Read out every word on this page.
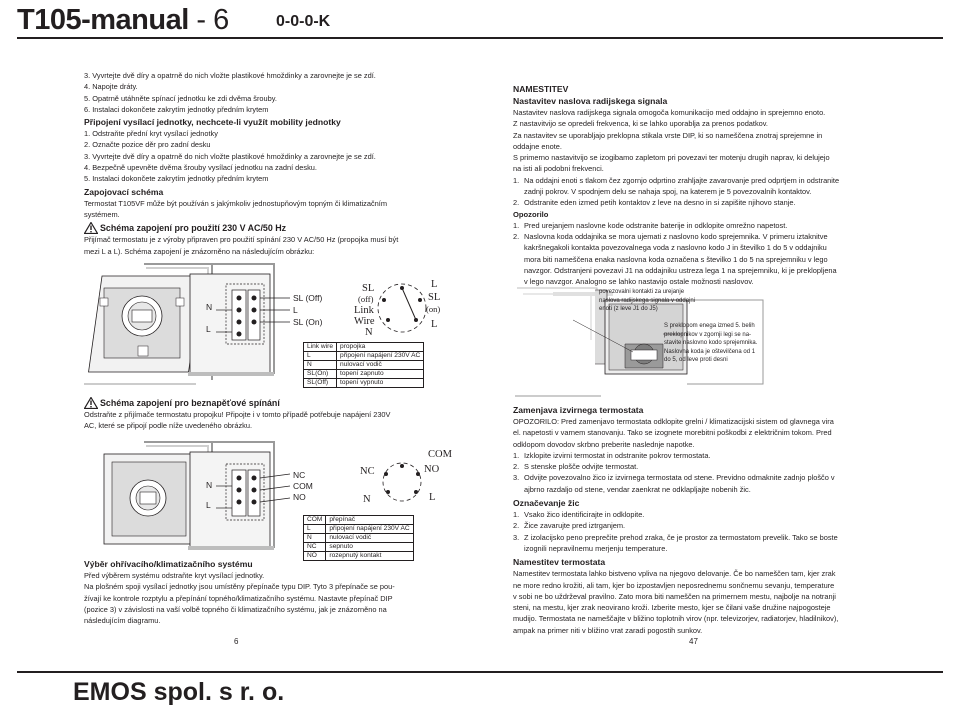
T105-manual - 6	0-0-0-K
EMOS spol. s r. o.
6	47

3. Vyvrtejte dvě díry a opatrně do nich vložte plastikové hmoždinky a zarovnejte je se zdí.

4. Napojte dráty.

5. Opatrně utáhněte spínací jednotku ke zdi dvěma šrouby.

6. Instalaci dokončete zakrytím jednotky předním krytem

Připojení vysílací jednotky, nechcete-li využít mobility jednotky

1. Odstraňte přední kryt vysílací jednotky

2. Označte pozice děr pro zadní desku

3. Vyvrtejte dvě díry a opatrně do nich vložte plastikové hmoždinky a zarovnejte je se zdí.

4. Bezpečně upevněte dvěma šrouby vysílací jednotku na zadní desku.

5. Instalaci dokončete zakrytím jednotky předním krytem

Zapojovací schéma

Termostat T105VF může být používán s jakýmkoliv jednostupňovým topným či klimatizačním

systémem.

Schéma zapojení pro použití 230 V AC/50 Hz

Přijímač termostatu je z výroby připraven pro použití spínání 230 V AC/50 Hz (propojka musí být

mezi L a L). Schéma zapojení je znázorněno na následujícím obrázku:

N
L
SL (Off)
L
SL (On)
SL
(off)
Link
Wire
N
L
SL
(on)
L
Link wire	propojka
L	připojení napájení 230V AC
N	nulovací vodič
SL(On)	topení zapnuto
SL(Off)	topení vypnuto
Schéma zapojení pro beznapěťové spínání

Odstraňte z přijímače termostatu propojku! Připojte i v tomto případě potřebuje napájení 230V

AC, které se připojí podle níže uvedeného obrázku.

N
L
NC
COM
NO
NC	NO
COM
N	L
COM	přepínač
L	připojení napájení 230V AC
N	nulovací vodič
NC	sepnuto
NO	rozepnutý kontakt

Výběr ohřívacího/klimatizačního systému

Před výběrem systému odstraňte kryt vysílací jednotky.

Na plošném spoji vysílací jednotky jsou umístěny přepínače typu DIP. Tyto 3 přepínače se pou-

žívají ke kontrole rozptylu a přepínání topného/klimatizačního systému. Nastavte přepínač DIP

(pozice 3) v závislosti na vaší volbě topného či klimatizačního systému, jak je znázorněno na

následujícím diagramu.

NAMESTITEV

Nastavitev naslova radijskega signala

Nastavitev naslova radijskega signala omogoča komunikacijo med oddajno in sprejemno enoto.

Z nastavitvijo se opredeli frekvenca, ki se lahko uporablja za prenos podatkov.

Za nastavitev se uporabljajo preklopna stikala vrste DIP, ki so nameščena znotraj sprejemne in

oddajne enote.

S primerno nastavitvijo se izogibamo zapletom pri povezavi ter motenju drugih naprav, ki delujejo

na isti ali podobni frekvenci.

1. Na oddajni enoti s tlakom čez zgornjo odprtino zrahljajte zavarovanje pred odprtjem in odstranite

zadnji pokrov. V spodnjem delu se nahaja spoj, na katerem je 5 povezovalnih kontaktov.

2. Odstranite eden izmed petih kontaktov z leve na desno in si zapišite njihovo stanje.

Opozorilo

1. Pred urejanjem naslovne kode odstranite baterije in odklopite omrežno napetost.

2. Naslovna koda oddajnika se mora ujemati z naslovno kodo sprejemnika. V primeru iztaknitve

kakršnegakoli kontakta povezovalnega voda z naslovno kodo J in številko 1 do 5 v oddajniku

mora biti nameščena enaka naslovna koda označena s številko 1 do 5 na sprejemniku v lego

navzgor. Odstranjeni povezavi J1 na oddajniku ustreza lega 1 na sprejemniku, ki je preklopljena

v lego navzgor. Analogno se lahko nastavijo ostale možnosti naslovov.

povezovalni kontakti za urejanje
naslova radijskega signala v oddajni
enoti (z leve J1 do J5)
S preklopom enega izmed 5. belih
preklopnikov v zgornji legi se na-
stavite naslovno kodo sprejemnika.
Naslovna koda je oštevilčena od 1
do 5, od leve proti desni

Zamenjava izvirnega termostata

OPOZORILO: Pred zamenjavo termostata odklopite grelni / klimatizacijski sistem od glavnega vira

el. napetosti v varnem stanovanju. Tako se izognete morebitni poškodbi z električnim tokom. Pred

odklopom dovodov skrbno preberite naslednje napotke.

1. Izklopite izvirni termostat in odstranite pokrov termostata.

2. S stenske plošče odvijte termostat.

3. Odvijte povezovalno žico iz izvirnega termostata od stene. Previdno odmaknite zadnjo ploščo v

ajbrno razdaljo od stene, vendar zaenkrat ne odklapljajte nobenih žic.

Označevanje žic

1. Vsako žico identificirajte in odklopite.

2. Žice zavarujte pred iztrganjem.

3. Z izolacijsko peno preprečite prehod zraka, če je prostor za termostatom prevelik. Tako se boste

izognili nepravilnemu merjenju temperature.

Namestitev termostata

Namestitev termostata lahko bistveno vpliva na njegovo delovanje. Če bo nameščen tam, kjer zrak

ne more redno krožiti, ali tam, kjer bo izpostavljen neposrednemu sončnemu sevanju, temperature

v sobi ne bo uždrževal pravilno. Zato mora biti nameščen na primernem mestu, najbolje na notranji

steni, na mestu, kjer zrak neovirano kroži. Izberite mesto, kjer se čilani vaše družine najpogosteje

mudijo. Termostata ne nameščajte v bližino toplotnih virov (npr. televizorjev, radiatorjev, hladilnikov),

ampak na primer niti v bližino vrat zaradi pogostih sunkov.
